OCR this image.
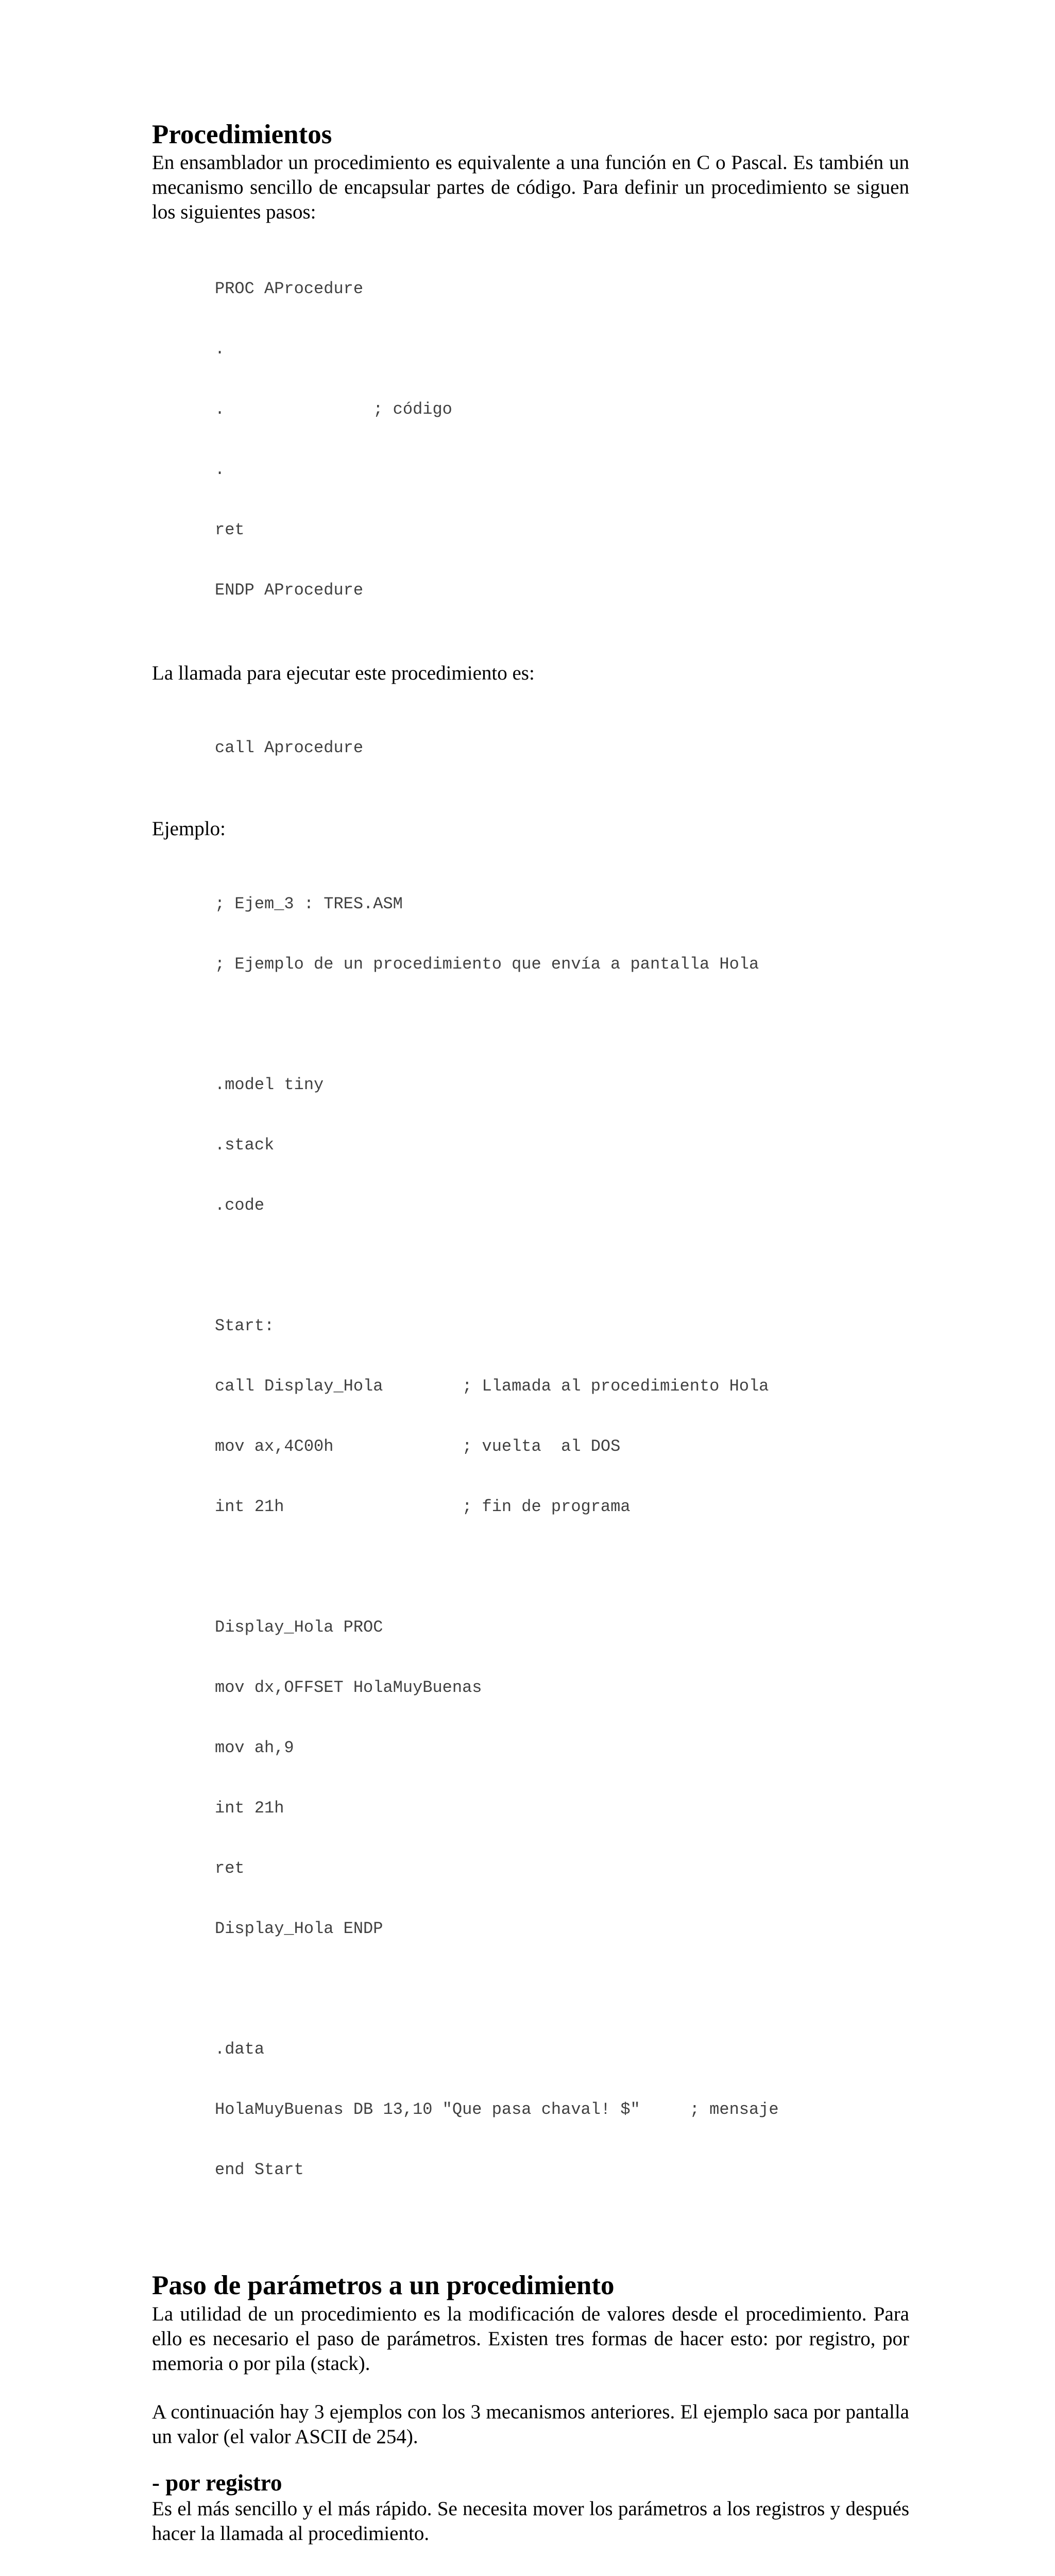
Procedimientos

En ensamblador un procedimiento es equivalente a una función en C o Pascal. Es también un mecanismo sencillo de encapsular partes de código. Para definir un procedimiento se siguen los siguientes pasos:

PROC AProcedure

.

.               ; código

.

ret

ENDP AProcedure

La llamada para ejecutar este procedimiento es:

call Aprocedure

Ejemplo:

; Ejem_3 : TRES.ASM

; Ejemplo de un procedimiento que envía a pantalla Hola

.model tiny

.stack

.code

Start:

call Display_Hola        ; Llamada al procedimiento Hola

mov ax,4C00h             ; vuelta  al DOS

int 21h                  ; fin de programa

Display_Hola PROC

mov dx,OFFSET HolaMuyBuenas

mov ah,9

int 21h

ret

Display_Hola ENDP

.data

HolaMuyBuenas DB 13,10 "Que pasa chaval! $"     ; mensaje

end Start

Paso de parámetros a un procedimiento

La utilidad de un procedimiento es la modificación de valores desde el procedimiento. Para ello es necesario el paso de parámetros. Existen tres formas de hacer esto: por registro, por memoria o por pila (stack).

A continuación hay 3 ejemplos con los 3 mecanismos anteriores. El ejemplo saca por pantalla un valor (el valor ASCII de 254).

- por registro

Es el más sencillo y el más rápido. Se necesita mover los parámetros a los registros y después hacer la llamada al procedimiento.
